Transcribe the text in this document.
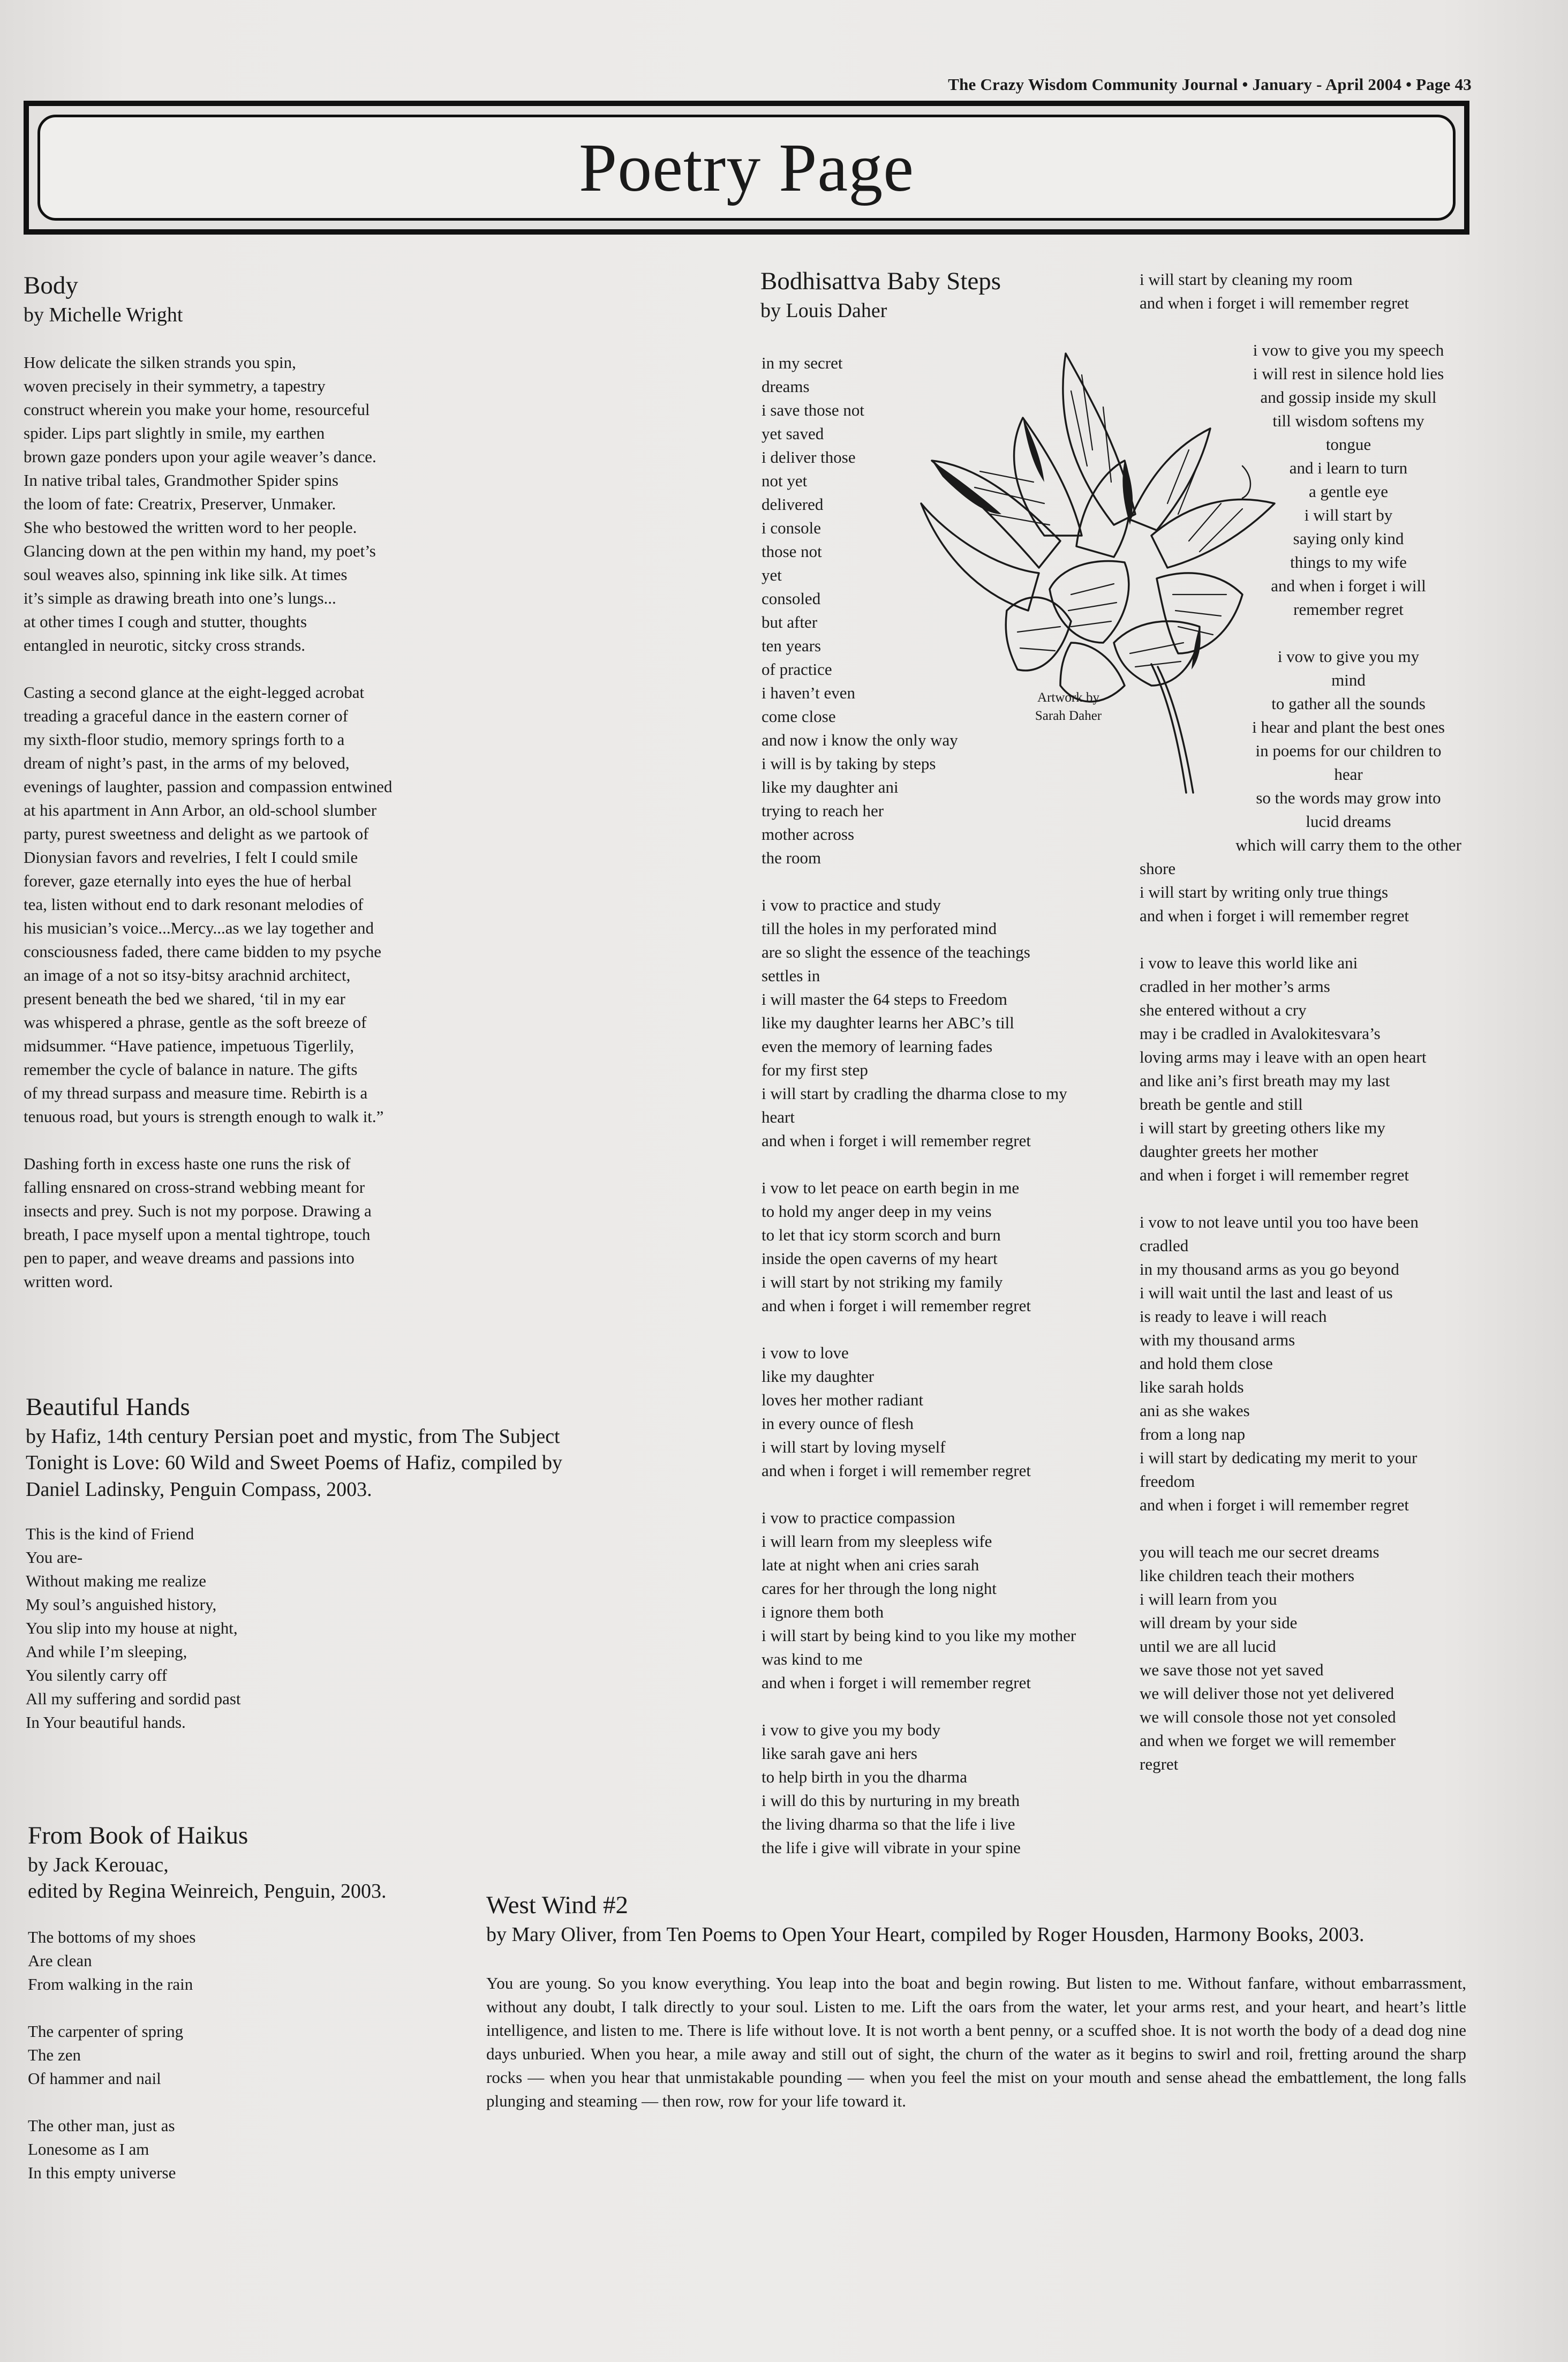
The Crazy Wisdom Community Journal • January - April 2004 • Page 43
Poetry Page
Body
by Michelle Wright
How delicate the silken strands you spin,
woven precisely in their symmetry, a tapestry
construct wherein you make your home, resourceful
spider. Lips part slightly in smile, my earthen
brown gaze ponders upon your agile weaver’s dance.
In native tribal tales, Grandmother Spider spins
the loom of fate: Creatrix, Preserver, Unmaker.
She who bestowed the written word to her people.
Glancing down at the pen within my hand, my poet’s
soul weaves also, spinning ink like silk. At times
it’s simple as drawing breath into one’s lungs...
at other times I cough and stutter, thoughts
entangled in neurotic, sitcky cross strands.
Casting a second glance at the eight-legged acrobat
treading a graceful dance in the eastern corner of
my sixth-floor studio, memory springs forth to a
dream of night’s past, in the arms of my beloved,
evenings of laughter, passion and compassion entwined
at his apartment in Ann Arbor, an old-school slumber
party, purest sweetness and delight as we partook of
Dionysian favors and revelries, I felt I could smile
forever, gaze eternally into eyes the hue of herbal
tea, listen without end to dark resonant melodies of
his musician’s voice...Mercy...as we lay together and
consciousness faded, there came bidden to my psyche
an image of a not so itsy-bitsy arachnid architect,
present beneath the bed we shared, ‘til in my ear
was whispered a phrase, gentle as the soft breeze of
midsummer. “Have patience, impetuous Tigerlily,
remember the cycle of balance in nature. The gifts
of my thread surpass and measure time. Rebirth is a
tenuous road, but yours is strength enough to walk it.”
Dashing forth in excess haste one runs the risk of
falling ensnared on cross-strand webbing meant for
insects and prey. Such is not my porpose. Drawing a
breath, I pace myself upon a mental tightrope, touch
pen to paper, and weave dreams and passions into
written word.
Beautiful Hands
by Hafiz, 14th century Persian poet and mystic, from The Subject
Tonight is Love: 60 Wild and Sweet Poems of Hafiz, compiled by
Daniel Ladinsky, Penguin Compass, 2003.
This is the kind of Friend
You are-
Without making me realize
My soul’s anguished history,
You slip into my house at night,
And while I’m sleeping,
You silently carry off
All my suffering and sordid past
In Your beautiful hands.
From Book of Haikus
by Jack Kerouac,
edited by Regina Weinreich, Penguin, 2003.
The bottoms of my shoes
Are clean
From walking in the rain
The carpenter of spring
The zen
Of hammer and nail
The other man, just as
Lonesome as I am
In this empty universe
Bodhisattva Baby Steps
by Louis Daher
in my secret
dreams
i save those not
yet saved
i deliver those
not yet
delivered
i console
those not
yet
consoled
but after
ten years
of practice
i haven’t even
come close
and now i know the only way
i will is by taking by steps
like my daughter ani
trying to reach her
mother across
the room
i vow to practice and study
till the holes in my perforated mind
are so slight the essence of the teachings
settles in
i will master the 64 steps to Freedom
like my daughter learns her ABC’s till
even the memory of learning fades
for my first step
i will start by cradling the dharma close to my
heart
and when i forget i will remember regret
i vow to let peace on earth begin in me
to hold my anger deep in my veins
to let that icy storm scorch and burn
inside the open caverns of my heart
i will start by not striking my family
and when i forget i will remember regret
i vow to love
like my daughter
loves her mother radiant
in every ounce of flesh
i will start by loving myself
and when i forget i will remember regret
i vow to practice compassion
i will learn from my sleepless wife
late at night when ani cries sarah
cares for her through the long night
i ignore them both
i will start by being kind to you like my mother
was kind to me
and when i forget i will remember regret
i vow to give you my body
like sarah gave ani hers
to help birth in you the dharma
i will do this by nurturing in my breath
the living dharma so that the life i live
the life i give will vibrate in your spine
Artwork by
Sarah Daher
i will start by cleaning my room
and when i forget i will remember regret
i vow to give you my speech
i will rest in silence hold lies
and gossip inside my skull
till wisdom softens my
tongue
and i learn to turn
a gentle eye
i will start by
saying only kind
things to my wife
and when i forget i will
remember regret
i vow to give you my
mind
to gather all the sounds
i hear and plant the best ones
in poems for our children to
hear
so the words may grow into
lucid dreams
which will carry them to the other
shore
i will start by writing only true things
and when i forget i will remember regret
i vow to leave this world like ani
cradled in her mother’s arms
she entered without a cry
may i be cradled in Avalokitesvara’s
loving arms may i leave with an open heart
and like ani’s first breath may my last
breath be gentle and still
i will start by greeting others like my
daughter greets her mother
and when i forget i will remember regret
i vow to not leave until you too have been
cradled
in my thousand arms as you go beyond
i will wait until the last and least of us
is ready to leave i will reach
with my thousand arms
and hold them close
like sarah holds
ani as she wakes
from a long nap
i will start by dedicating my merit to your
freedom
and when i forget i will remember regret
you will teach me our secret dreams
like children teach their mothers
i will learn from you
will dream by your side
until we are all lucid
we save those not yet saved
we will deliver those not yet delivered
we will console those not yet consoled
and when we forget we will remember
regret
West Wind #2
by Mary Oliver, from Ten Poems to Open Your Heart, compiled by Roger Housden, Harmony Books, 2003.
You are young. So you know everything. You leap into the boat and begin rowing. But listen to me. Without fanfare, without embarrassment, without any doubt, I talk directly to your soul. Listen to me. Lift the oars from the water, let your arms rest, and your heart, and heart’s little intelligence, and listen to me. There is life without love. It is not worth a bent penny, or a scuffed shoe. It is not worth the body of a dead dog nine days unburied. When you hear, a mile away and still out of sight, the churn of the water as it begins to swirl and roil, fretting around the sharp rocks — when you hear that unmistakable pounding — when you feel the mist on your mouth and sense ahead the embattlement, the long falls plunging and steaming — then row, row for your life toward it.
